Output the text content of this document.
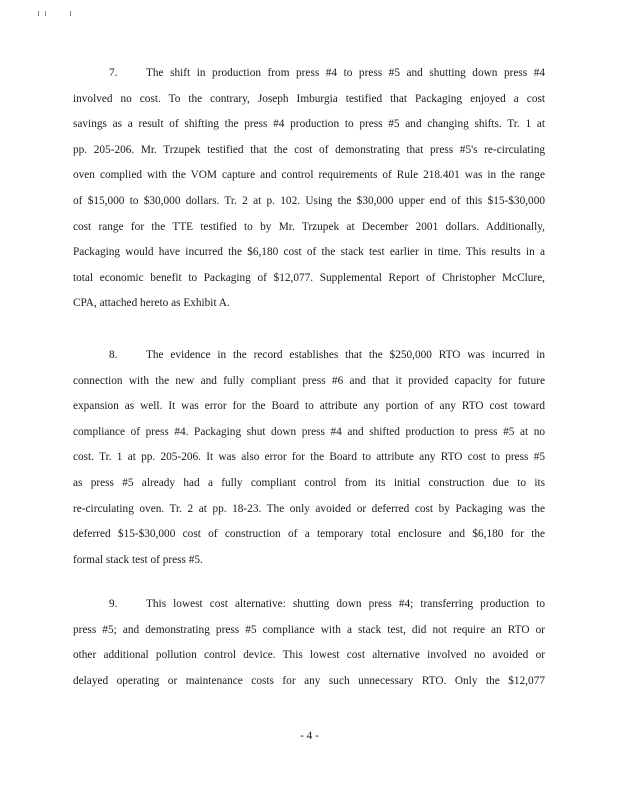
7.	The shift in production from press #4 to press #5 and shutting down press #4
involved no cost. To the contrary, Joseph Imburgia testified that Packaging enjoyed a cost
savings as a result of shifting the press #4 production to press #5 and changing shifts. Tr. 1 at
pp. 205-206. Mr. Trzupek testified that the cost of demonstrating that press #5's re-circulating
oven complied with the VOM capture and control requirements of Rule 218.401 was in the range
of $15,000 to $30,000 dollars. Tr. 2 at p. 102. Using the $30,000 upper end of this $15-$30,000
cost range for the TTE testified to by Mr. Trzupek at December 2001 dollars. Additionally,
Packaging would have incurred the $6,180 cost of the stack test earlier in time. This results in a
total economic benefit to Packaging of $12,077. Supplemental Report of Christopher McClure,
CPA, attached hereto as Exhibit A.
8.	The evidence in the record establishes that the $250,000 RTO was incurred in
connection with the new and fully compliant press #6 and that it provided capacity for future
expansion as well. It was error for the Board to attribute any portion of any RTO cost toward
compliance of press #4. Packaging shut down press #4 and shifted production to press #5 at no
cost. Tr. 1 at pp. 205-206. It was also error for the Board to attribute any RTO cost to press #5
as press #5 already had a fully compliant control from its initial construction due to its
re-circulating oven. Tr. 2 at pp. 18-23. The only avoided or deferred cost by Packaging was the
deferred $15-$30,000 cost of construction of a temporary total enclosure and $6,180 for the
formal stack test of press #5.
9.	This lowest cost alternative: shutting down press #4; transferring production to
press #5; and demonstrating press #5 compliance with a stack test, did not require an RTO or
other additional pollution control device. This lowest cost alternative involved no avoided or
delayed operating or maintenance costs for any such unnecessary RTO. Only the $12,077
- 4 -
